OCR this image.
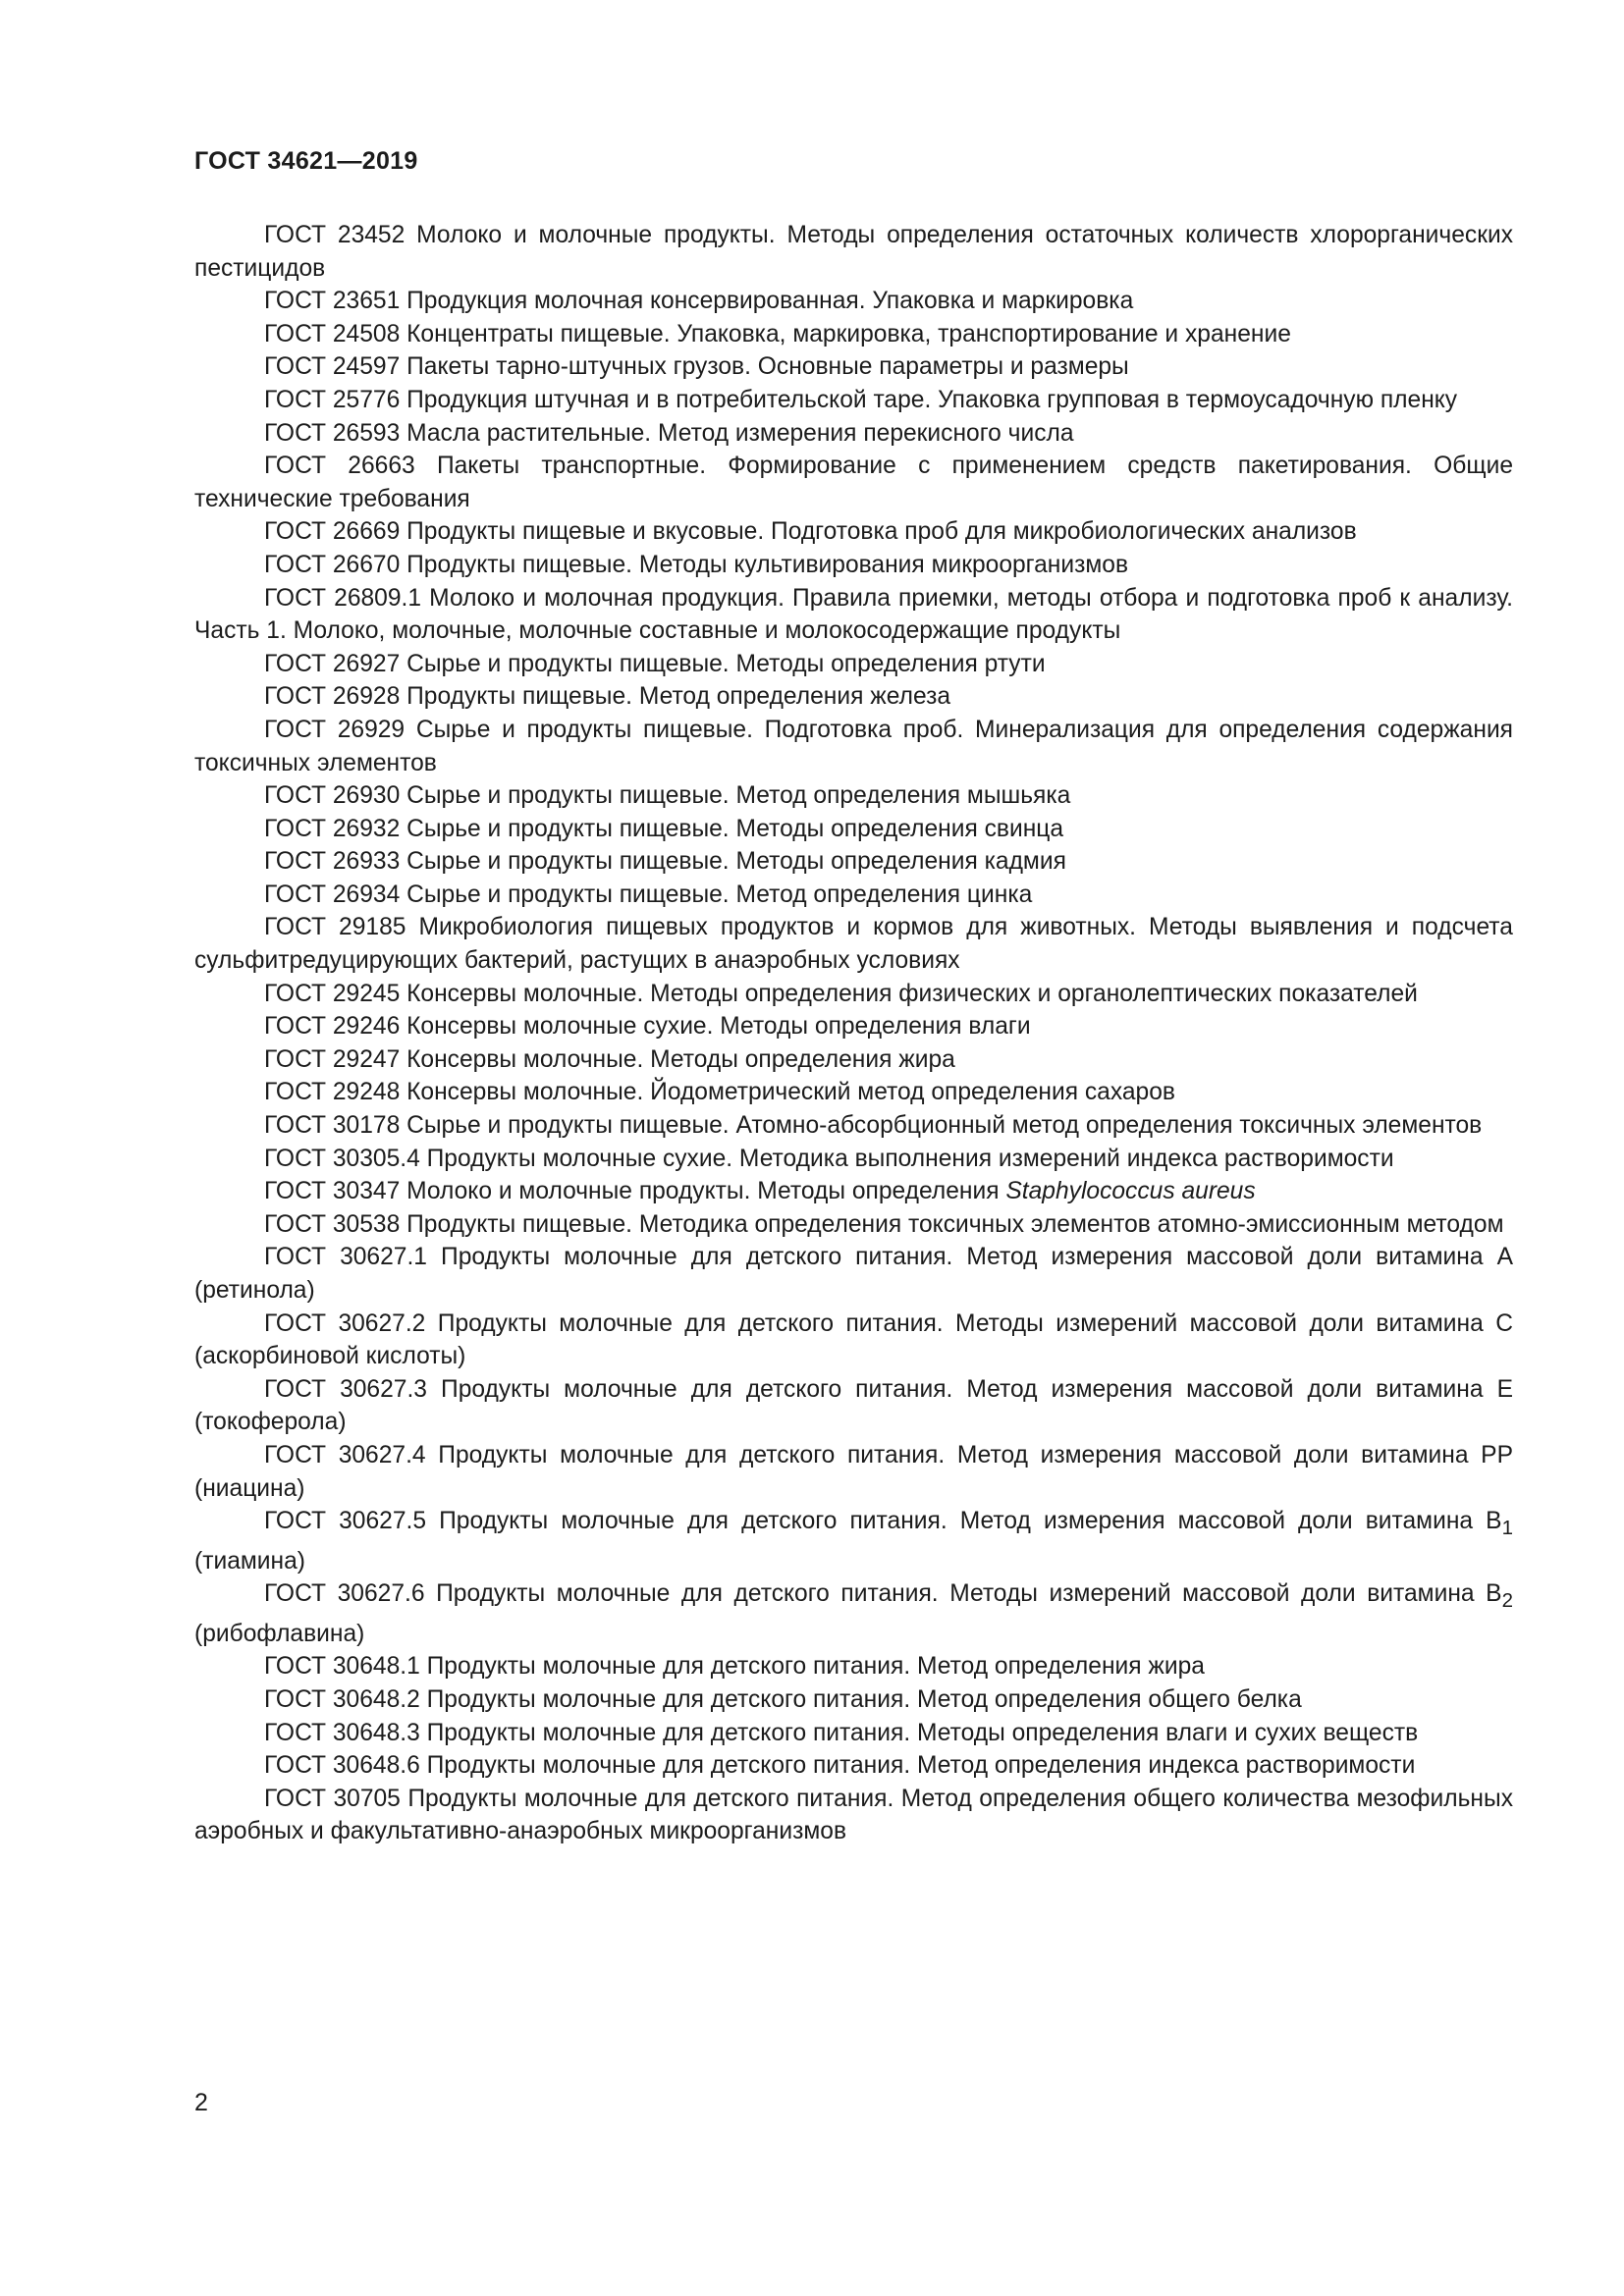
ГОСТ 34621—2019

ГОСТ 23452 Молоко и молочные продукты. Методы определения остаточных количеств хлорорганических пестицидов

ГОСТ 23651 Продукция молочная консервированная. Упаковка и маркировка

ГОСТ 24508 Концентраты пищевые. Упаковка, маркировка, транспортирование и хранение

ГОСТ 24597 Пакеты тарно-штучных грузов. Основные параметры и размеры

ГОСТ 25776 Продукция штучная и в потребительской таре. Упаковка групповая в термоусадочную пленку

ГОСТ 26593 Масла растительные. Метод измерения перекисного числа

ГОСТ 26663 Пакеты транспортные. Формирование с применением средств пакетирования. Общие технические требования

ГОСТ 26669 Продукты пищевые и вкусовые. Подготовка проб для микробиологических анализов

ГОСТ 26670 Продукты пищевые. Методы культивирования микроорганизмов

ГОСТ 26809.1 Молоко и молочная продукция. Правила приемки, методы отбора и подготовка проб к анализу. Часть 1. Молоко, молочные, молочные составные и молокосодержащие продукты

ГОСТ 26927 Сырье и продукты пищевые. Методы определения ртути

ГОСТ 26928 Продукты пищевые. Метод определения железа

ГОСТ 26929 Сырье и продукты пищевые. Подготовка проб. Минерализация для определения содержания токсичных элементов

ГОСТ 26930 Сырье и продукты пищевые. Метод определения мышьяка

ГОСТ 26932 Сырье и продукты пищевые. Методы определения свинца

ГОСТ 26933 Сырье и продукты пищевые. Методы определения кадмия

ГОСТ 26934 Сырье и продукты пищевые. Метод определения цинка

ГОСТ 29185 Микробиология пищевых продуктов и кормов для животных. Методы выявления и подсчета сульфитредуцирующих бактерий, растущих в анаэробных условиях

ГОСТ 29245 Консервы молочные. Методы определения физических и органолептических показателей

ГОСТ 29246 Консервы молочные сухие. Методы определения влаги

ГОСТ 29247 Консервы молочные. Методы определения жира

ГОСТ 29248 Консервы молочные. Йодометрический метод определения сахаров

ГОСТ 30178 Сырье и продукты пищевые. Атомно-абсорбционный метод определения токсичных элементов

ГОСТ 30305.4 Продукты молочные сухие. Методика выполнения измерений индекса растворимости

ГОСТ 30347 Молоко и молочные продукты. Методы определения Staphylococcus aureus

ГОСТ 30538 Продукты пищевые. Методика определения токсичных элементов атомно-эмиссионным методом

ГОСТ 30627.1 Продукты молочные для детского питания. Метод измерения массовой доли витамина А (ретинола)

ГОСТ 30627.2 Продукты молочные для детского питания. Методы измерений массовой доли витамина С (аскорбиновой кислоты)

ГОСТ 30627.3 Продукты молочные для детского питания. Метод измерения массовой доли витамина Е (токоферола)

ГОСТ 30627.4 Продукты молочные для детского питания. Метод измерения массовой доли витамина РР (ниацина)

ГОСТ 30627.5 Продукты молочные для детского питания. Метод измерения массовой доли витамина $В_1$ (тиамина)

ГОСТ 30627.6 Продукты молочные для детского питания. Методы измерений массовой доли витамина $В_2$ (рибофлавина)

ГОСТ 30648.1 Продукты молочные для детского питания. Метод определения жира

ГОСТ 30648.2 Продукты молочные для детского питания. Метод определения общего белка

ГОСТ 30648.3 Продукты молочные для детского питания. Методы определения влаги и сухих веществ

ГОСТ 30648.6 Продукты молочные для детского питания. Метод определения индекса растворимости

ГОСТ 30705 Продукты молочные для детского питания. Метод определения общего количества мезофильных аэробных и факультативно-анаэробных микроорганизмов

2
